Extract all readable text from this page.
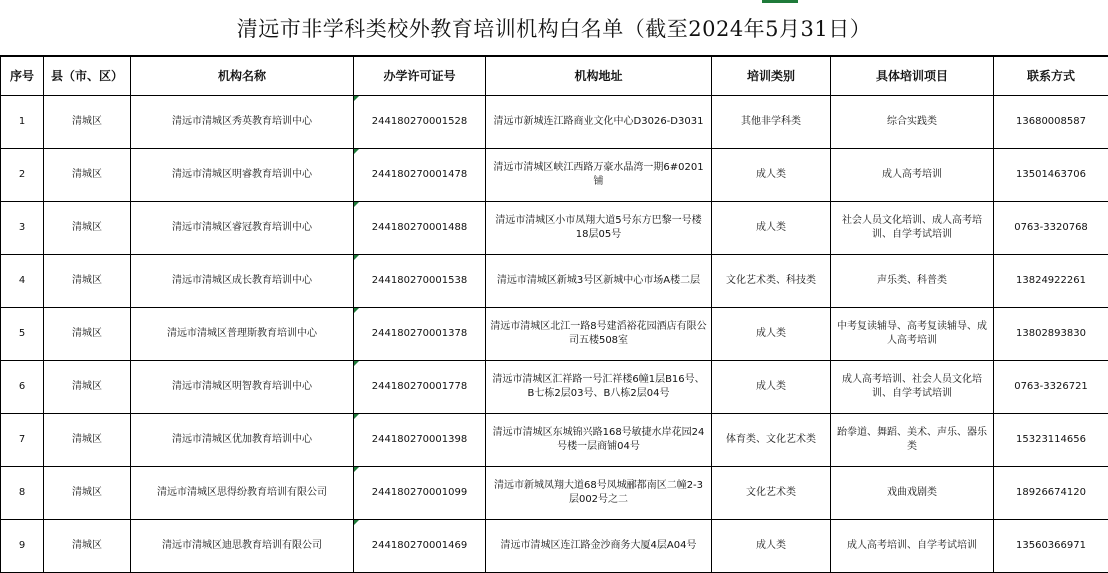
清远市非学科类校外教育培训机构白名单（截至2024年5月31日）
序号	县（市、区）	机构名称	办学许可证号	机构地址	培训类别	具体培训项目	联系方式
1	清城区	清远市清城区秀英教育培训中心	244180270001528	清远市新城连江路商业文化中心D3026-D3031	其他非学科类	综合实践类	13680008587
2	清城区	清远市清城区明睿教育培训中心	244180270001478	清远市清城区峡江西路万豪水晶湾一期6#0201铺	成人类	成人高考培训	13501463706
3	清城区	清远市清城区睿冠教育培训中心	244180270001488	清远市清城区小市凤翔大道5号东方巴黎一号楼18层05号	成人类	社会人员文化培训、成人高考培训、自学考试培训	0763-3320768
4	清城区	清远市清城区成长教育培训中心	244180270001538	清远市清城区新城3号区新城中心市场A楼二层	文化艺术类、科技类	声乐类、科普类	13824922261
5	清城区	清远市清城区普理斯教育培训中心	244180270001378	清远市清城区北江一路8号建滔裕花园酒店有限公司五楼508室	成人类	中考复读辅导、高考复读辅导、成人高考培训	13802893830
6	清城区	清远市清城区明智教育培训中心	244180270001778	清远市清城区汇祥路一号汇祥楼6幢1层B16号、B七栋2层03号、B八栋2层04号	成人类	成人高考培训、社会人员文化培训、自学考试培训	0763-3326721
7	清城区	清远市清城区优加教育培训中心	244180270001398	清远市清城区东城锦兴路168号敏捷水岸花园24号楼一层商铺04号	体育类、文化艺术类	跆拳道、舞蹈、美术、声乐、器乐类	15323114656
8	清城区	清远市清城区思得纷教育培训有限公司	244180270001099	清远市新城凤翔大道68号凤城郦都南区二幢2-3层002号之二	文化艺术类	戏曲戏剧类	18926674120
9	清城区	清远市清城区迪思教育培训有限公司	244180270001469	清远市清城区连江路金沙商务大厦4层A04号	成人类	成人高考培训、自学考试培训	13560366971
